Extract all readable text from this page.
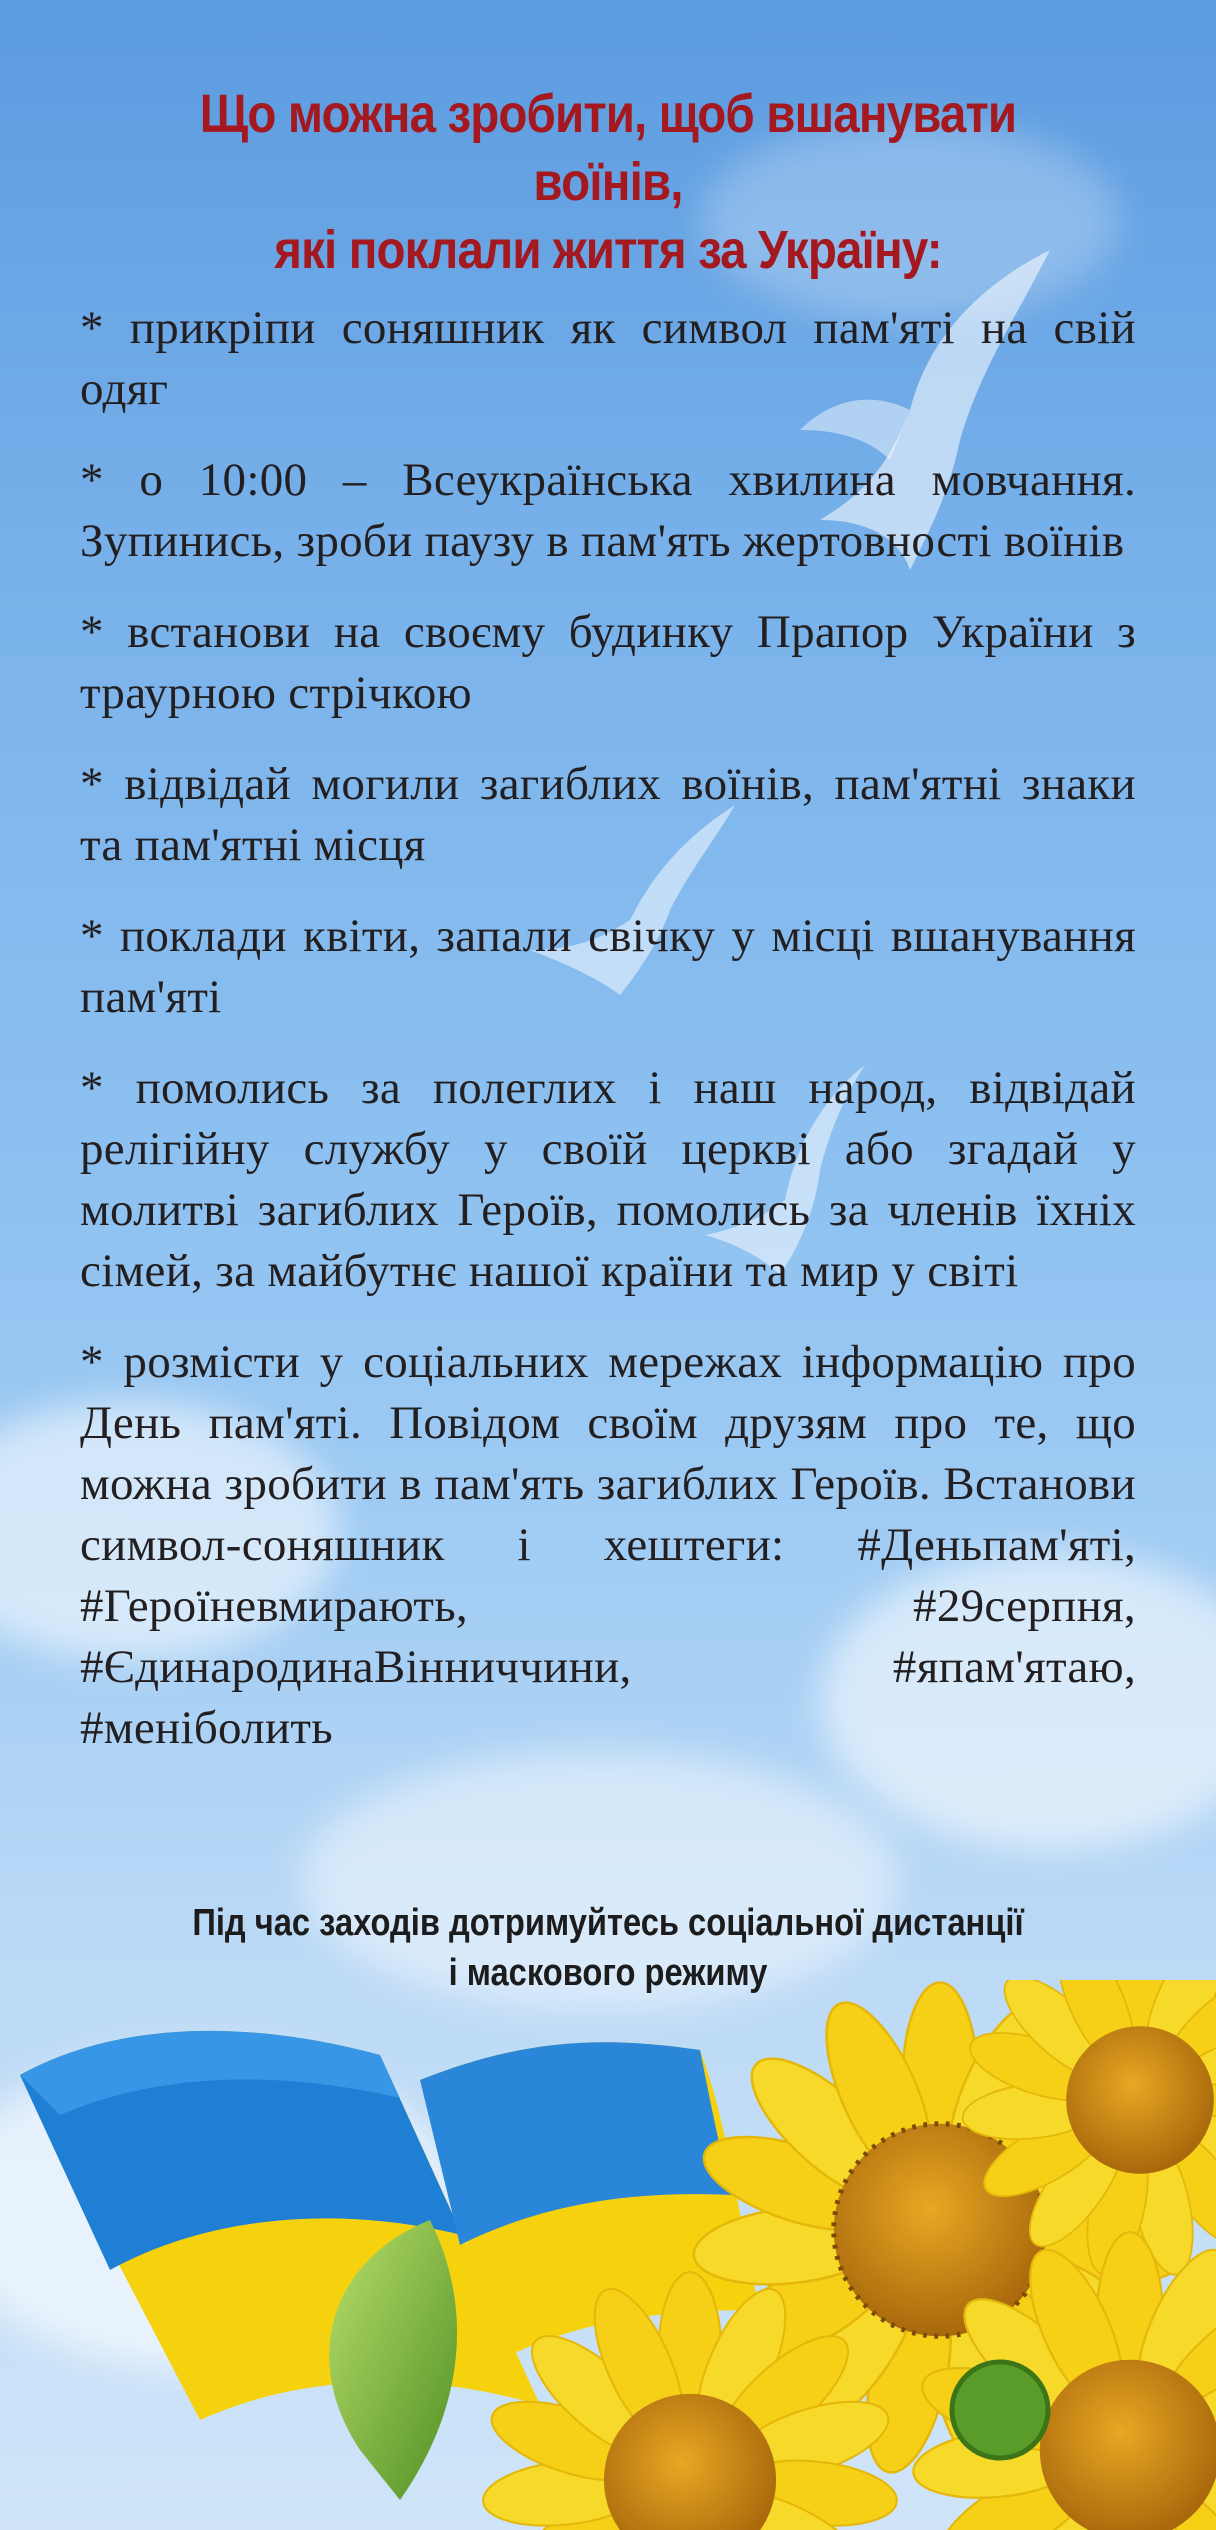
Що можна зробити, щоб вшанувати воїнів,
які поклали життя за Україну:
* прикріпи соняшник як символ пам'яті на свій одяг
* о 10:00 – Всеукраїнська хвилина мовчання. Зупинись, зроби паузу в пам'ять жертовності воїнів
* встанови на своєму будинку Прапор України з траурною стрічкою
* відвідай могили загиблих воїнів, пам'ятні знаки та пам'ятні місця
* поклади квіти, запали свічку у місці вшанування пам'яті
* помолись за полеглих і наш народ, відвідай релігійну службу у своїй церкві або згадай у молитві загиблих Героїв, помолись за членів їхніх сімей, за майбутнє нашої країни та мир у світі
* розмісти у соціальних мережах інформацію про День пам'яті. Повідом своїм друзям про те, що можна зробити в пам'ять загиблих Героїв. Встанови символ-соняшник і хештеги: #Деньпам'яті, #Героїневмирають, #29серпня, #ЄдинародинаВінниччини, #япам'ятаю, #меніболить

Під час заходів дотримуйтесь соціальної дистанції
і маскового режиму
